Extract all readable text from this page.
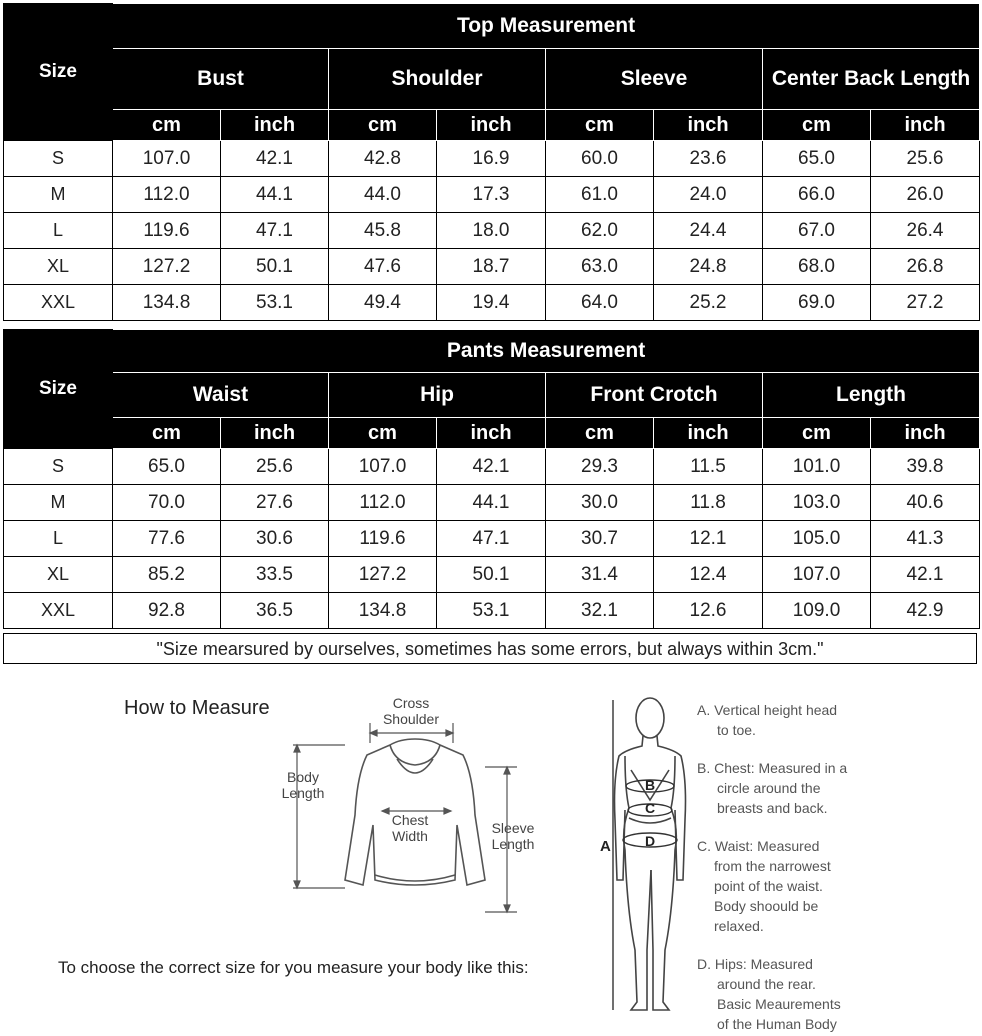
Size	Top Measurement							
	Bust		Shoulder		Sleeve		Center Back Length	
	cm	inch	cm	inch	cm	inch	cm	inch
S	107.0	42.1	42.8	16.9	60.0	23.6	65.0	25.6
M	112.0	44.1	44.0	17.3	61.0	24.0	66.0	26.0
L	119.6	47.1	45.8	18.0	62.0	24.4	67.0	26.4
XL	127.2	50.1	47.6	18.7	63.0	24.8	68.0	26.8
XXL	134.8	53.1	49.4	19.4	64.0	25.2	69.0	27.2
Size	Pants Measurement							
	Waist		Hip		Front Crotch		Length	
	cm	inch	cm	inch	cm	inch	cm	inch
S	65.0	25.6	107.0	42.1	29.3	11.5	101.0	39.8
M	70.0	27.6	112.0	44.1	30.0	11.8	103.0	40.6
L	77.6	30.6	119.6	47.1	30.7	12.1	105.0	41.3
XL	85.2	33.5	127.2	50.1	31.4	12.4	107.0	42.1
XXL	92.8	36.5	134.8	53.1	32.1	12.6	109.0	42.9
"Size mearsured by ourselves, sometimes has some errors, but always within 3cm."
How to Measure	Cross
Shoulder
Body
Length
Chest
Width	Sleeve
Length	A
B
C
D
A. Vertical height head
to toe.
B. Chest: Measured in a
circle around the
breasts and back.
C. Waist: Measured
from the narrowest
point of the waist.
Body shoould be
relaxed.
D. Hips: Measured
around the rear.
Basic Meaurements
of the Human Body
To choose the correct size for you measure your body like this:
